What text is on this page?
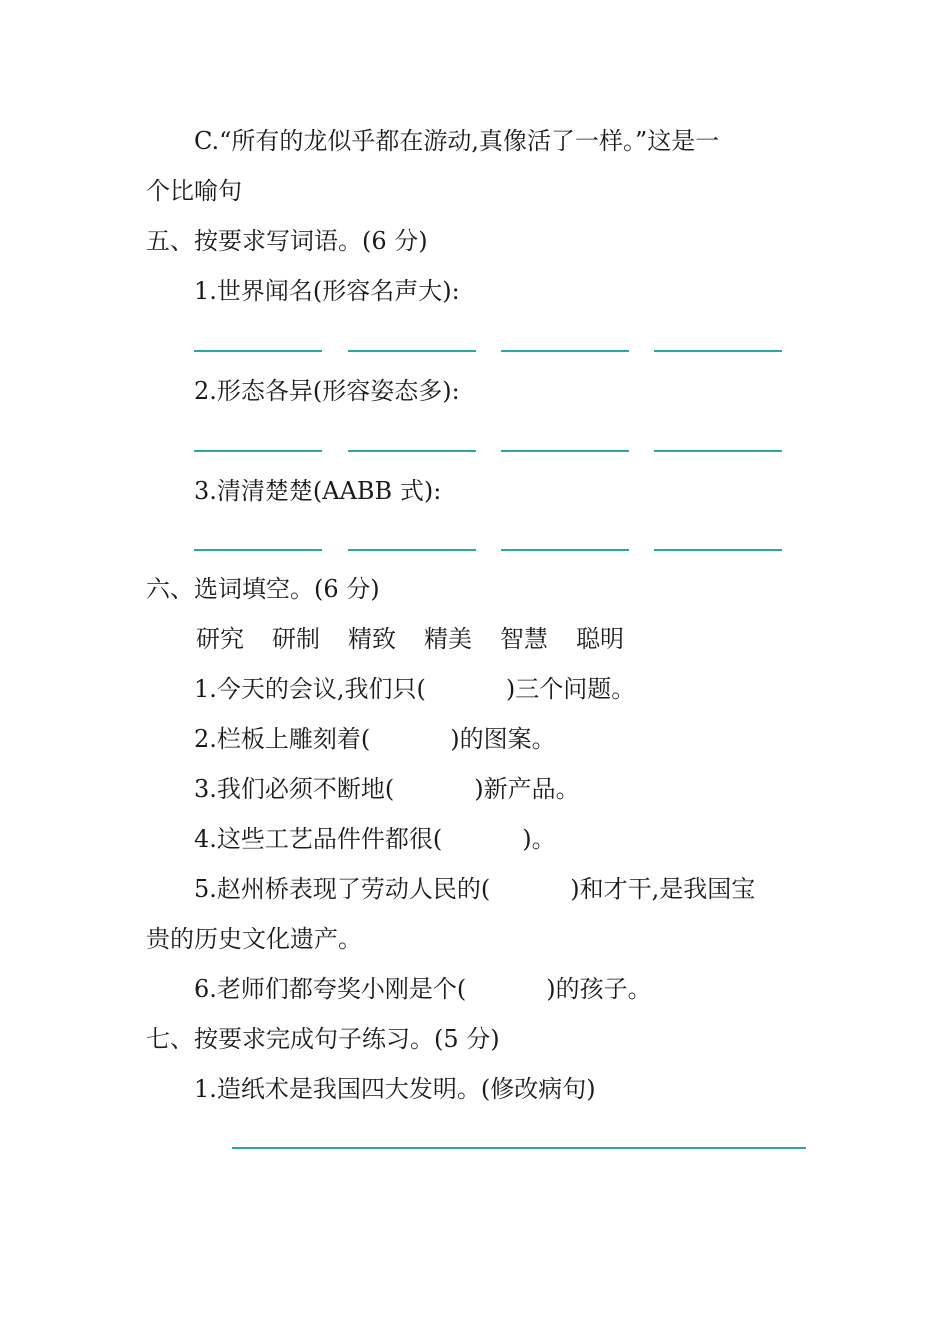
C.“所有的龙似乎都在游动,真像活了一样。”这是一

个比喻句

五、按要求写词语。(6 分)

1.世界闻名(形容名声大):

2.形态各异(形容姿态多):

3.清清楚楚(AABB 式):

六、选词填空。(6 分)

研究 研制 精致 精美 智慧 聪明

1.今天的会议,我们只(	)三个问题。

2.栏板上雕刻着(	)的图案。

3.我们必须不断地(	)新产品。

4.这些工艺品件件都很(	)。

5.赵州桥表现了劳动人民的(	)和才干,是我国宝

贵的历史文化遗产。

6.老师们都夸奖小刚是个(	)的孩子。

七、按要求完成句子练习。(5 分)

1.造纸术是我国四大发明。(修改病句)
